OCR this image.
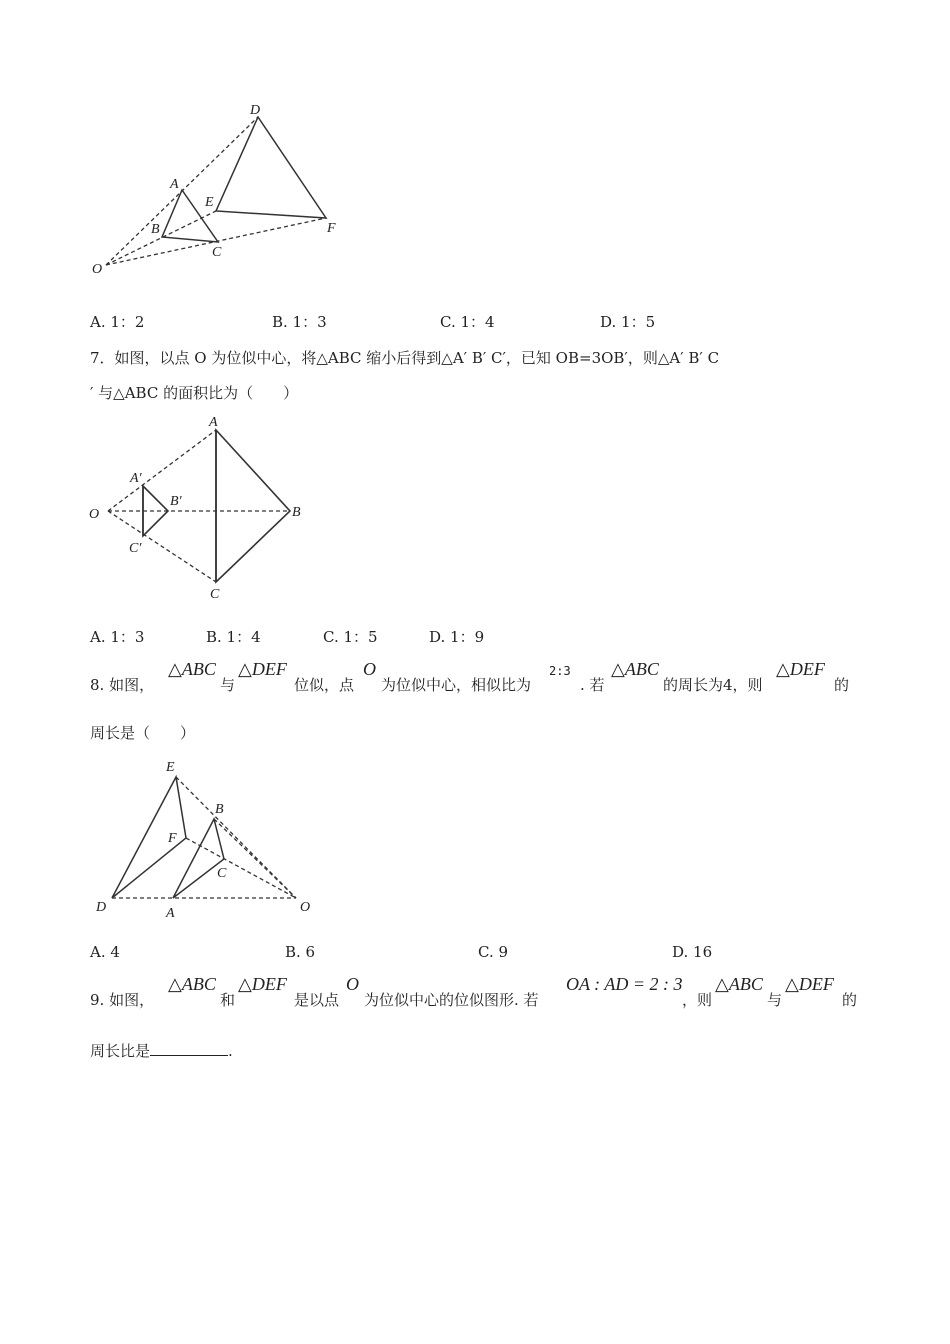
D
A
E
B
C
F
O
A. 1：2	B. 1：3	C. 1：4	D. 1：5
7．如图，以点 O 为位似中心，将△ABC 缩小后得到△A′ B′ C′，已知 OB=3OB′，则△A′ B′ C
′ 与△ABC 的面积比为（　　）
A
A′
B′
O	B
C′
C
A. 1：3	B. 1：4	C. 1：5	D. 1：9
8. 如图，
△ABC
与
△DEF
位似，点
O
为位似中心，相似比为
2:3
. 若
△ABC
的周长为4，则
△DEF
的
周长是（　　）
E
B
F
C
D	A	O
A. 4	B. 6	C. 9	D. 16
9. 如图，
△ABC
和
△DEF
是以点
O
为位似中心的位似图形. 若
OA : AD = 2 : 3
，则
△ABC
与
△DEF
的
周长比是	.
